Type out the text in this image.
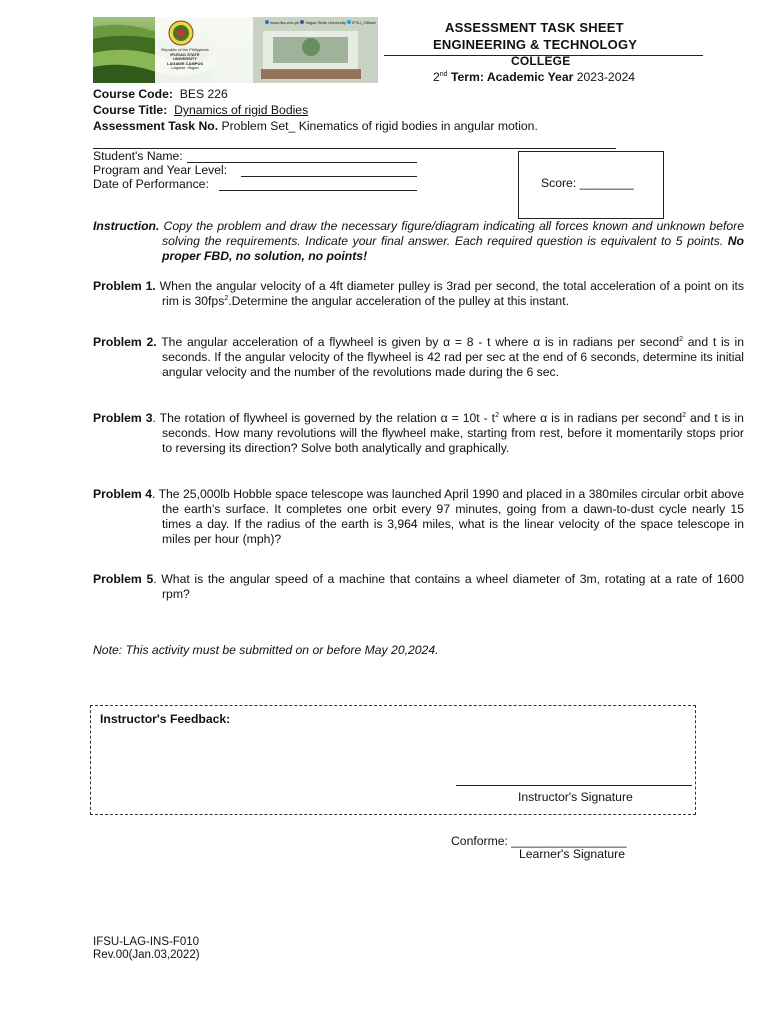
Republic of the Philippines
IFUGAO STATE UNIVERSITY
LAGAWE CAMPUS
Lagawe, Ifugao
www.ifsu.edu.ph Ifugao State University IFSU_Official	ASSESSMENT TASK SHEET
ENGINEERING & TECHNOLOGY
COLLEGE
2nd Term: Academic Year 2023-2024
Course Code: BES 226
Course Title: Dynamics of rigid Bodies
Assessment Task No. Problem Set_ Kinematics of rigid bodies in angular motion.
Student's Name:
Program and Year Level:
Date of Performance:	Score: ________
Instruction. Copy the problem and draw the necessary figure/diagram indicating all forces known and unknown before solving the requirements. Indicate your final answer. Each required question is equivalent to 5 points. No proper FBD, no solution, no points!
Problem 1. When the angular velocity of a 4ft diameter pulley is 3rad per second, the total acceleration of a point on its rim is 30fps$^2$.Determine the angular acceleration of the pulley at this instant.
Problem 2. The angular acceleration of a flywheel is given by α = 8 - t where α is in radians per second$^2$ and t is in seconds. If the angular velocity of the flywheel is 42 rad per sec at the end of 6 seconds, determine its initial angular velocity and the number of the revolutions made during the 6 sec.
Problem 3. The rotation of flywheel is governed by the relation $\alpha = 10t - t^2$ where α is in radians per second$^2$ and t is in seconds. How many revolutions will the flywheel make, starting from rest, before it momentarily stops prior to reversing its direction? Solve both analytically and graphically.
Problem 4. The 25,000lb Hobble space telescope was launched April 1990 and placed in a 380miles circular orbit above the earth's surface. It completes one orbit every 97 minutes, going from a dawn-to-dust cycle nearly 15 times a day. If the radius of the earth is 3,964 miles, what is the linear velocity of the space telescope in miles per hour (mph)?
Problem 5. What is the angular speed of a machine that contains a wheel diameter of 3m, rotating at a rate of 1600 rpm?
Note: This activity must be submitted on or before May 20,2024.
Instructor's Feedback:
Instructor's Signature
Conforme: _________________
Learner's Signature
IFSU-LAG-INS-F010
Rev.00(Jan.03,2022)
